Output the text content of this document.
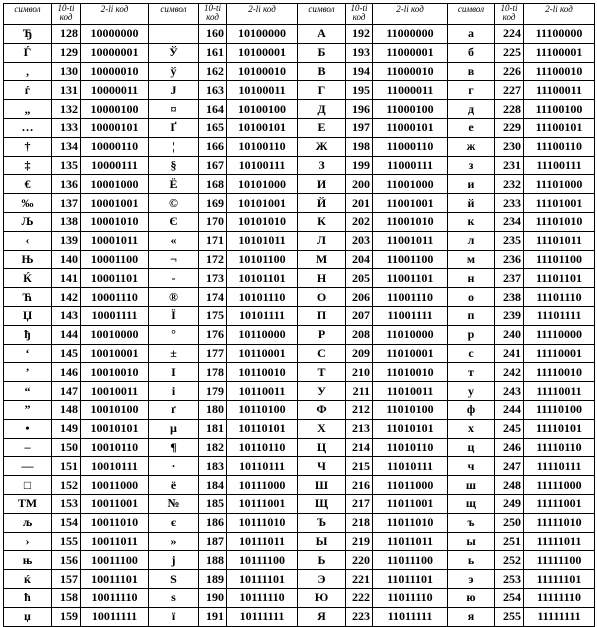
символ	10-ti код	2-li код	символ	10-ti код	2-li код	символ	10-ti код	2-li код	символ	10-ti код	2-li код
Ђ	128	10000000		160	10100000	А	192	11000000	а	224	11100000
Ѓ	129	10000001	Ў	161	10100001	Б	193	11000001	б	225	11100001
‚	130	10000010	ў	162	10100010	В	194	11000010	в	226	11100010
ѓ	131	10000011	Ј	163	10100011	Г	195	11000011	г	227	11100011
„	132	10000100	¤	164	10100100	Д	196	11000100	д	228	11100100
…	133	10000101	Ґ	165	10100101	Е	197	11000101	е	229	11100101
†	134	10000110	¦	166	10100110	Ж	198	11000110	ж	230	11100110
‡	135	10000111	§	167	10100111	З	199	11000111	з	231	11100111
€	136	10001000	Ё	168	10101000	И	200	11001000	и	232	11101000
‰	137	10001001	©	169	10101001	Й	201	11001001	й	233	11101001
Љ	138	10001010	Є	170	10101010	К	202	11001010	к	234	11101010
‹	139	10001011	«	171	10101011	Л	203	11001011	л	235	11101011
Њ	140	10001100	¬	172	10101100	М	204	11001100	м	236	11101100
Ќ	141	10001101	-	173	10101101	Н	205	11001101	н	237	11101101
Ћ	142	10001110	®	174	10101110	О	206	11001110	о	238	11101110
Џ	143	10001111	Ї	175	10101111	П	207	11001111	п	239	11101111
ђ	144	10010000	°	176	10110000	Р	208	11010000	р	240	11110000
‘	145	10010001	±	177	10110001	С	209	11010001	с	241	11110001
’	146	10010010	І	178	10110010	Т	210	11010010	т	242	11110010
“	147	10010011	і	179	10110011	У	211	11010011	у	243	11110011
”	148	10010100	ґ	180	10110100	Ф	212	11010100	ф	244	11110100
•	149	10010101	µ	181	10110101	Х	213	11010101	х	245	11110101
–	150	10010110	¶	182	10110110	Ц	214	11010110	ц	246	11110110
—	151	10010111	·	183	10110111	Ч	215	11010111	ч	247	11110111
□	152	10011000	ё	184	10111000	Ш	216	11011000	ш	248	11111000
ТМ	153	10011001	№	185	10111001	Щ	217	11011001	щ	249	11111001
љ	154	10011010	є	186	10111010	Ъ	218	11011010	ъ	250	11111010
›	155	10011011	»	187	10111011	Ы	219	11011011	ы	251	11111011
њ	156	10011100	ј	188	10111100	Ь	220	11011100	ь	252	11111100
ќ	157	10011101	Ѕ	189	10111101	Э	221	11011101	э	253	11111101
ћ	158	10011110	ѕ	190	10111110	Ю	222	11011110	ю	254	11111110
џ	159	10011111	ї	191	10111111	Я	223	11011111	я	255	11111111
